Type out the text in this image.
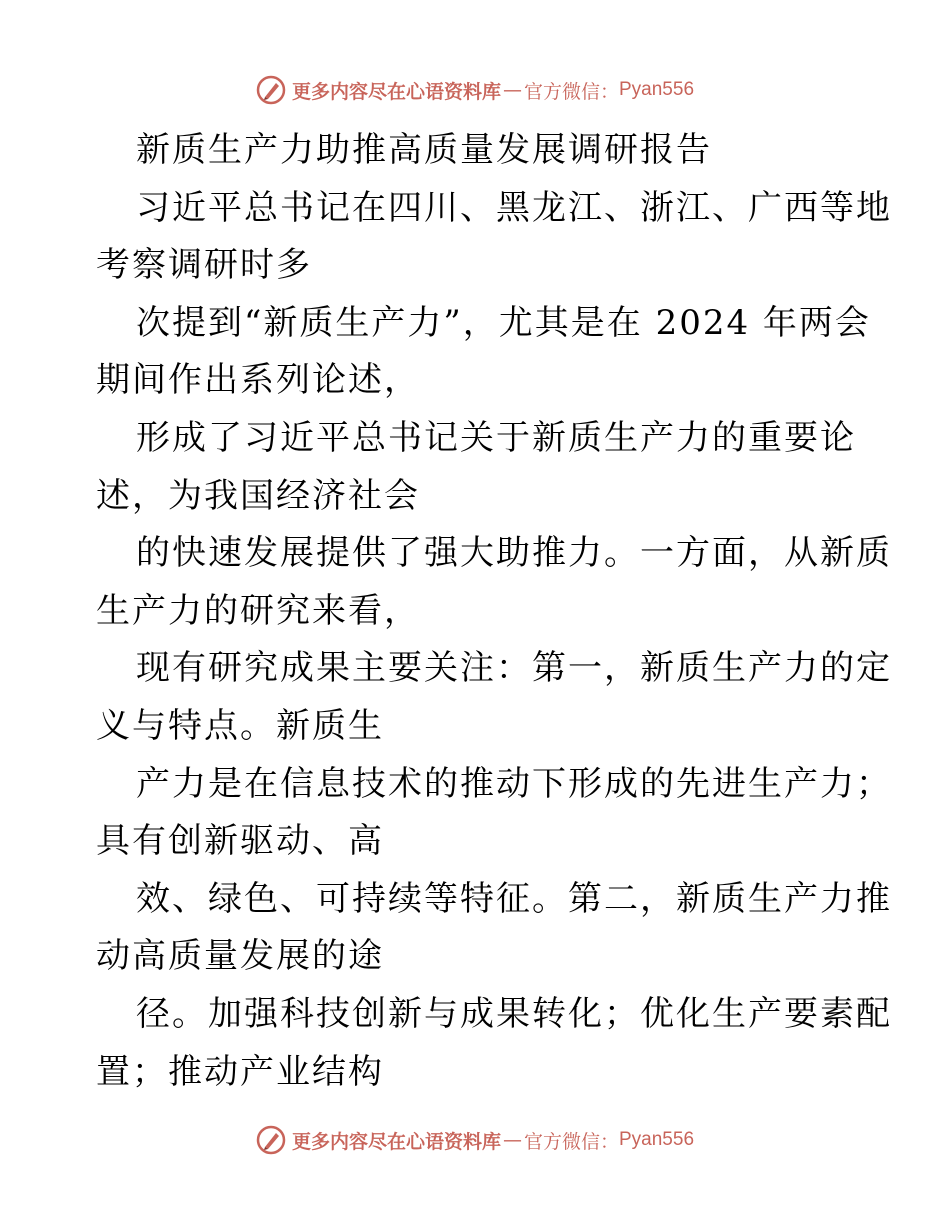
更多内容尽在心语资料库 — 官方微信： Pyan556
新质生产力助推高质量发展调研报告
习近平总书记在四川、黑龙江、浙江、广西等地
考察调研时多
次提到“新质生产力”，尤其是在 2024 年两会
期间作出系列论述，
形成了习近平总书记关于新质生产力的重要论
述，为我国经济社会
的快速发展提供了强大助推力。一方面，从新质
生产力的研究来看，
现有研究成果主要关注：第一，新质生产力的定
义与特点。新质生
产力是在信息技术的推动下形成的先进生产力；
具有创新驱动、高
效、绿色、可持续等特征。第二，新质生产力推
动高质量发展的途
径。加强科技创新与成果转化；优化生产要素配
置；推动产业结构
更多内容尽在心语资料库 — 官方微信： Pyan556
